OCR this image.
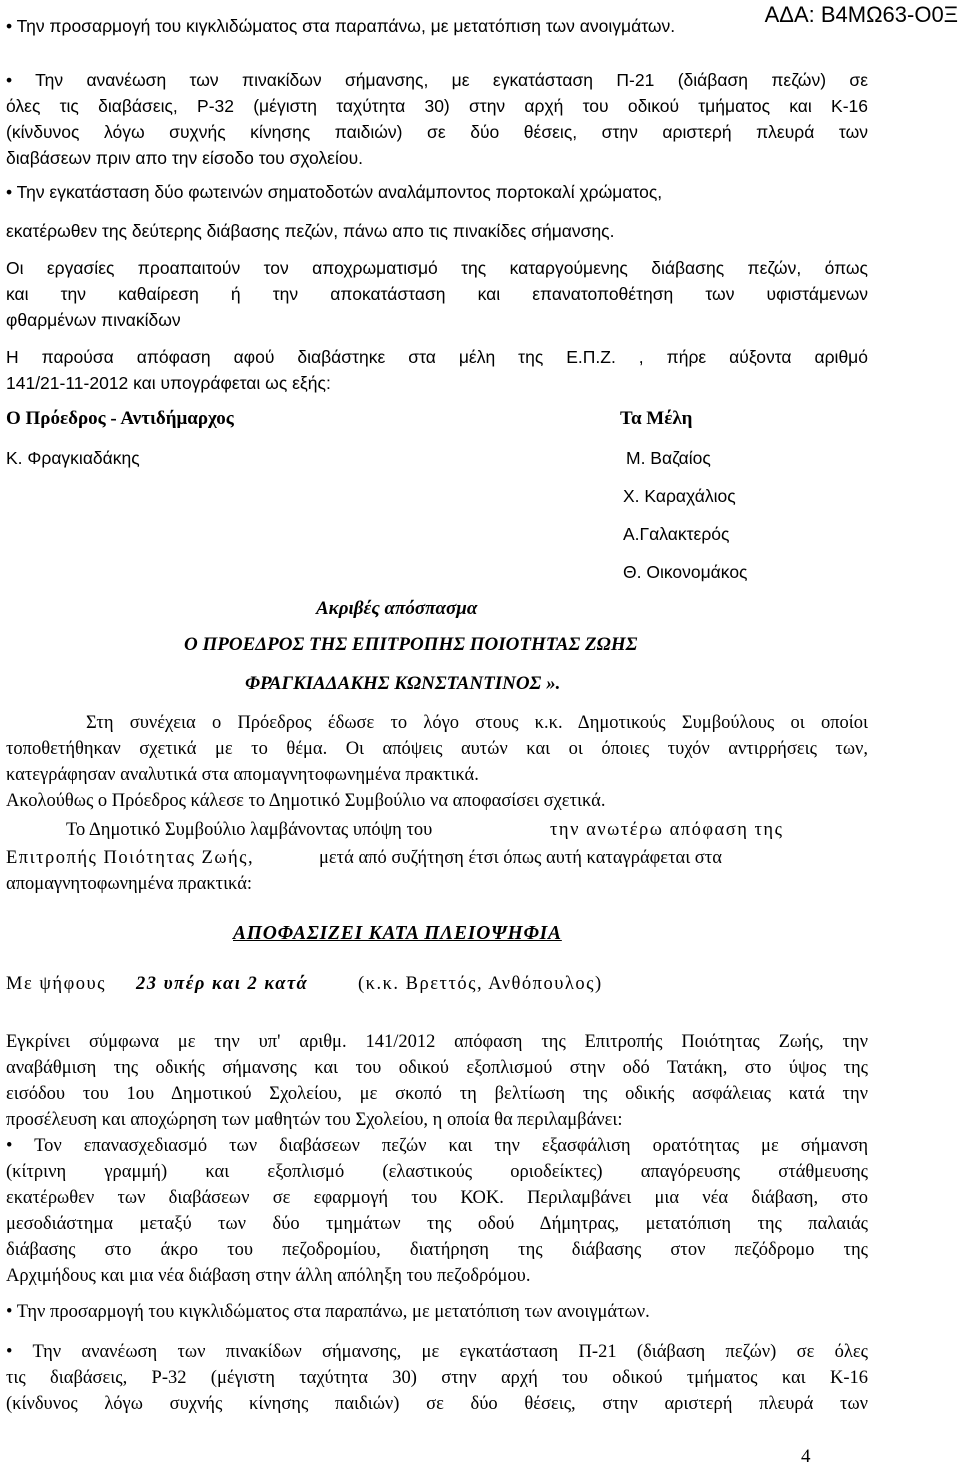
ΑΔΑ: Β4ΜΩ63-Ο0Ξ
• Την προσαρμογή του κιγκλιδώματος στα παραπάνω, με μετατόπιση των ανοιγμάτων.
• Την ανανέωση των πινακίδων σήμανσης, με εγκατάσταση Π-21 (διάβαση πεζών) σε
όλες τις διαβάσεις, Ρ-32 (μέγιστη ταχύτητα 30) στην αρχή του οδικού τμήματος και Κ-16
(κίνδυνος λόγω συχνής κίνησης παιδιών) σε δύο θέσεις, στην αριστερή πλευρά των
διαβάσεων πριν απο την είσοδο του σχολείου.
• Την εγκατάσταση δύο φωτεινών σηματοδοτών αναλάμποντος πορτοκαλί χρώματος,
εκατέρωθεν της δεύτερης διάβασης πεζών, πάνω απο τις πινακίδες σήμανσης.
Οι εργασίες προαπαιτούν τον αποχρωματισμό της καταργούμενης διάβασης πεζών, όπως
και την καθαίρεση ή την αποκατάσταση και επανατοποθέτηση των υφιστάμενων
φθαρμένων πινακίδων
Η παρούσα απόφαση αφού διαβάστηκε στα μέλη της Ε.Π.Ζ. , πήρε αύξοντα αριθμό
141/21-11-2012 και υπογράφεται ως εξής:
Ο Πρόεδρος - Αντιδήμαρχος	Τα Μέλη
Κ. Φραγκιαδάκης	Μ. Βαζαίος
Χ. Καραχάλιος
Α.Γαλακτερός
Θ. Οικονομάκος
Ακριβές απόσπασμα
Ο ΠΡΟΕΔΡΟΣ ΤΗΣ ΕΠΙΤΡΟΠΗΣ ΠΟΙΟΤΗΤΑΣ ΖΩΗΣ
ΦΡΑΓΚΙΑΔΑΚΗΣ ΚΩΝΣΤΑΝΤΙΝΟΣ ».
Στη συνέχεια ο Πρόεδρος έδωσε το λόγο στους κ.κ. Δημοτικούς Συμβούλους οι οποίοι
τοποθετήθηκαν σχετικά με το θέμα. Οι απόψεις αυτών και οι όποιες τυχόν αντιρρήσεις των,
κατεγράφησαν αναλυτικά στα απομαγνητοφωνημένα πρακτικά.
Ακολούθως ο Πρόεδρος κάλεσε το Δημοτικό Συμβούλιο να αποφασίσει σχετικά.
Το Δημοτικό Συμβούλιο λαμβάνοντας υπόψη του	την ανωτέρω απόφαση της
Επιτροπής Ποιότητας Ζωής,	μετά από συζήτηση έτσι όπως αυτή καταγράφεται στα
απομαγνητοφωνημένα πρακτικά:
ΑΠΟΦΑΣΙΖΕΙ ΚΑΤΑ ΠΛΕΙΟΨΗΦΙΑ
Με ψήφους 23 υπέρ και 2 κατά	(κ.κ. Βρεττός, Ανθόπουλος)
Εγκρίνει σύμφωνα με την υπ' αριθμ. 141/2012 απόφαση της Επιτροπής Ποιότητας Ζωής, την
αναβάθμιση της οδικής σήμανσης και του οδικού εξοπλισμού στην οδό Τατάκη, στο ύψος της
εισόδου του 1ου Δημοτικού Σχολείου, με σκοπό τη βελτίωση της οδικής ασφάλειας κατά την
προσέλευση και αποχώρηση των μαθητών του Σχολείου, η οποία θα περιλαμβάνει:
• Τον επανασχεδιασμό των διαβάσεων πεζών και την εξασφάλιση ορατότητας με σήμανση
(κίτρινη γραμμή) και εξοπλισμό (ελαστικούς οριοδείκτες) απαγόρευσης στάθμευσης
εκατέρωθεν των διαβάσεων σε εφαρμογή του ΚΟΚ. Περιλαμβάνει μια νέα διάβαση, στο
μεσοδιάστημα μεταξύ των δύο τμημάτων της οδού Δήμητρας, μετατόπιση της παλαιάς
διάβασης στο άκρο του πεζοδρομίου, διατήρηση της διάβασης στον πεζόδρομο της
Αρχιμήδους και μια νέα διάβαση στην άλλη απόληξη του πεζοδρόμου.
• Την προσαρμογή του κιγκλιδώματος στα παραπάνω, με μετατόπιση των ανοιγμάτων.
• Την ανανέωση των πινακίδων σήμανσης, με εγκατάσταση Π-21 (διάβαση πεζών) σε όλες
τις διαβάσεις, Ρ-32 (μέγιστη ταχύτητα 30) στην αρχή του οδικού τμήματος και Κ-16
(κίνδυνος λόγω συχνής κίνησης παιδιών) σε δύο θέσεις, στην αριστερή πλευρά των
4
